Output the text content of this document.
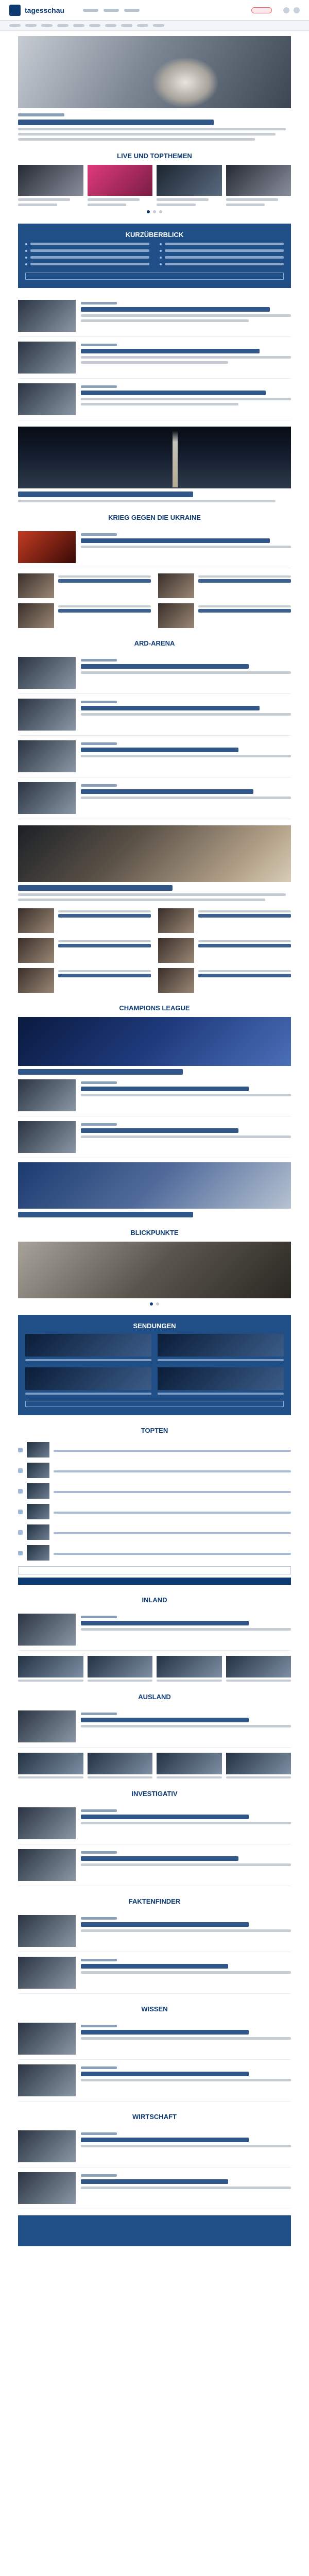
tagesschau
LIVE UND TOPTHEMEN
KURZÜBERBLICK
KRIEG GEGEN DIE UKRAINE
ARD-ARENA
CHAMPIONS LEAGUE
BLICKPUNKTE
SENDUNGEN
TOPTEN
INLAND
AUSLAND
INVESTIGATIV
FAKTENFINDER
WISSEN
WIRTSCHAFT
